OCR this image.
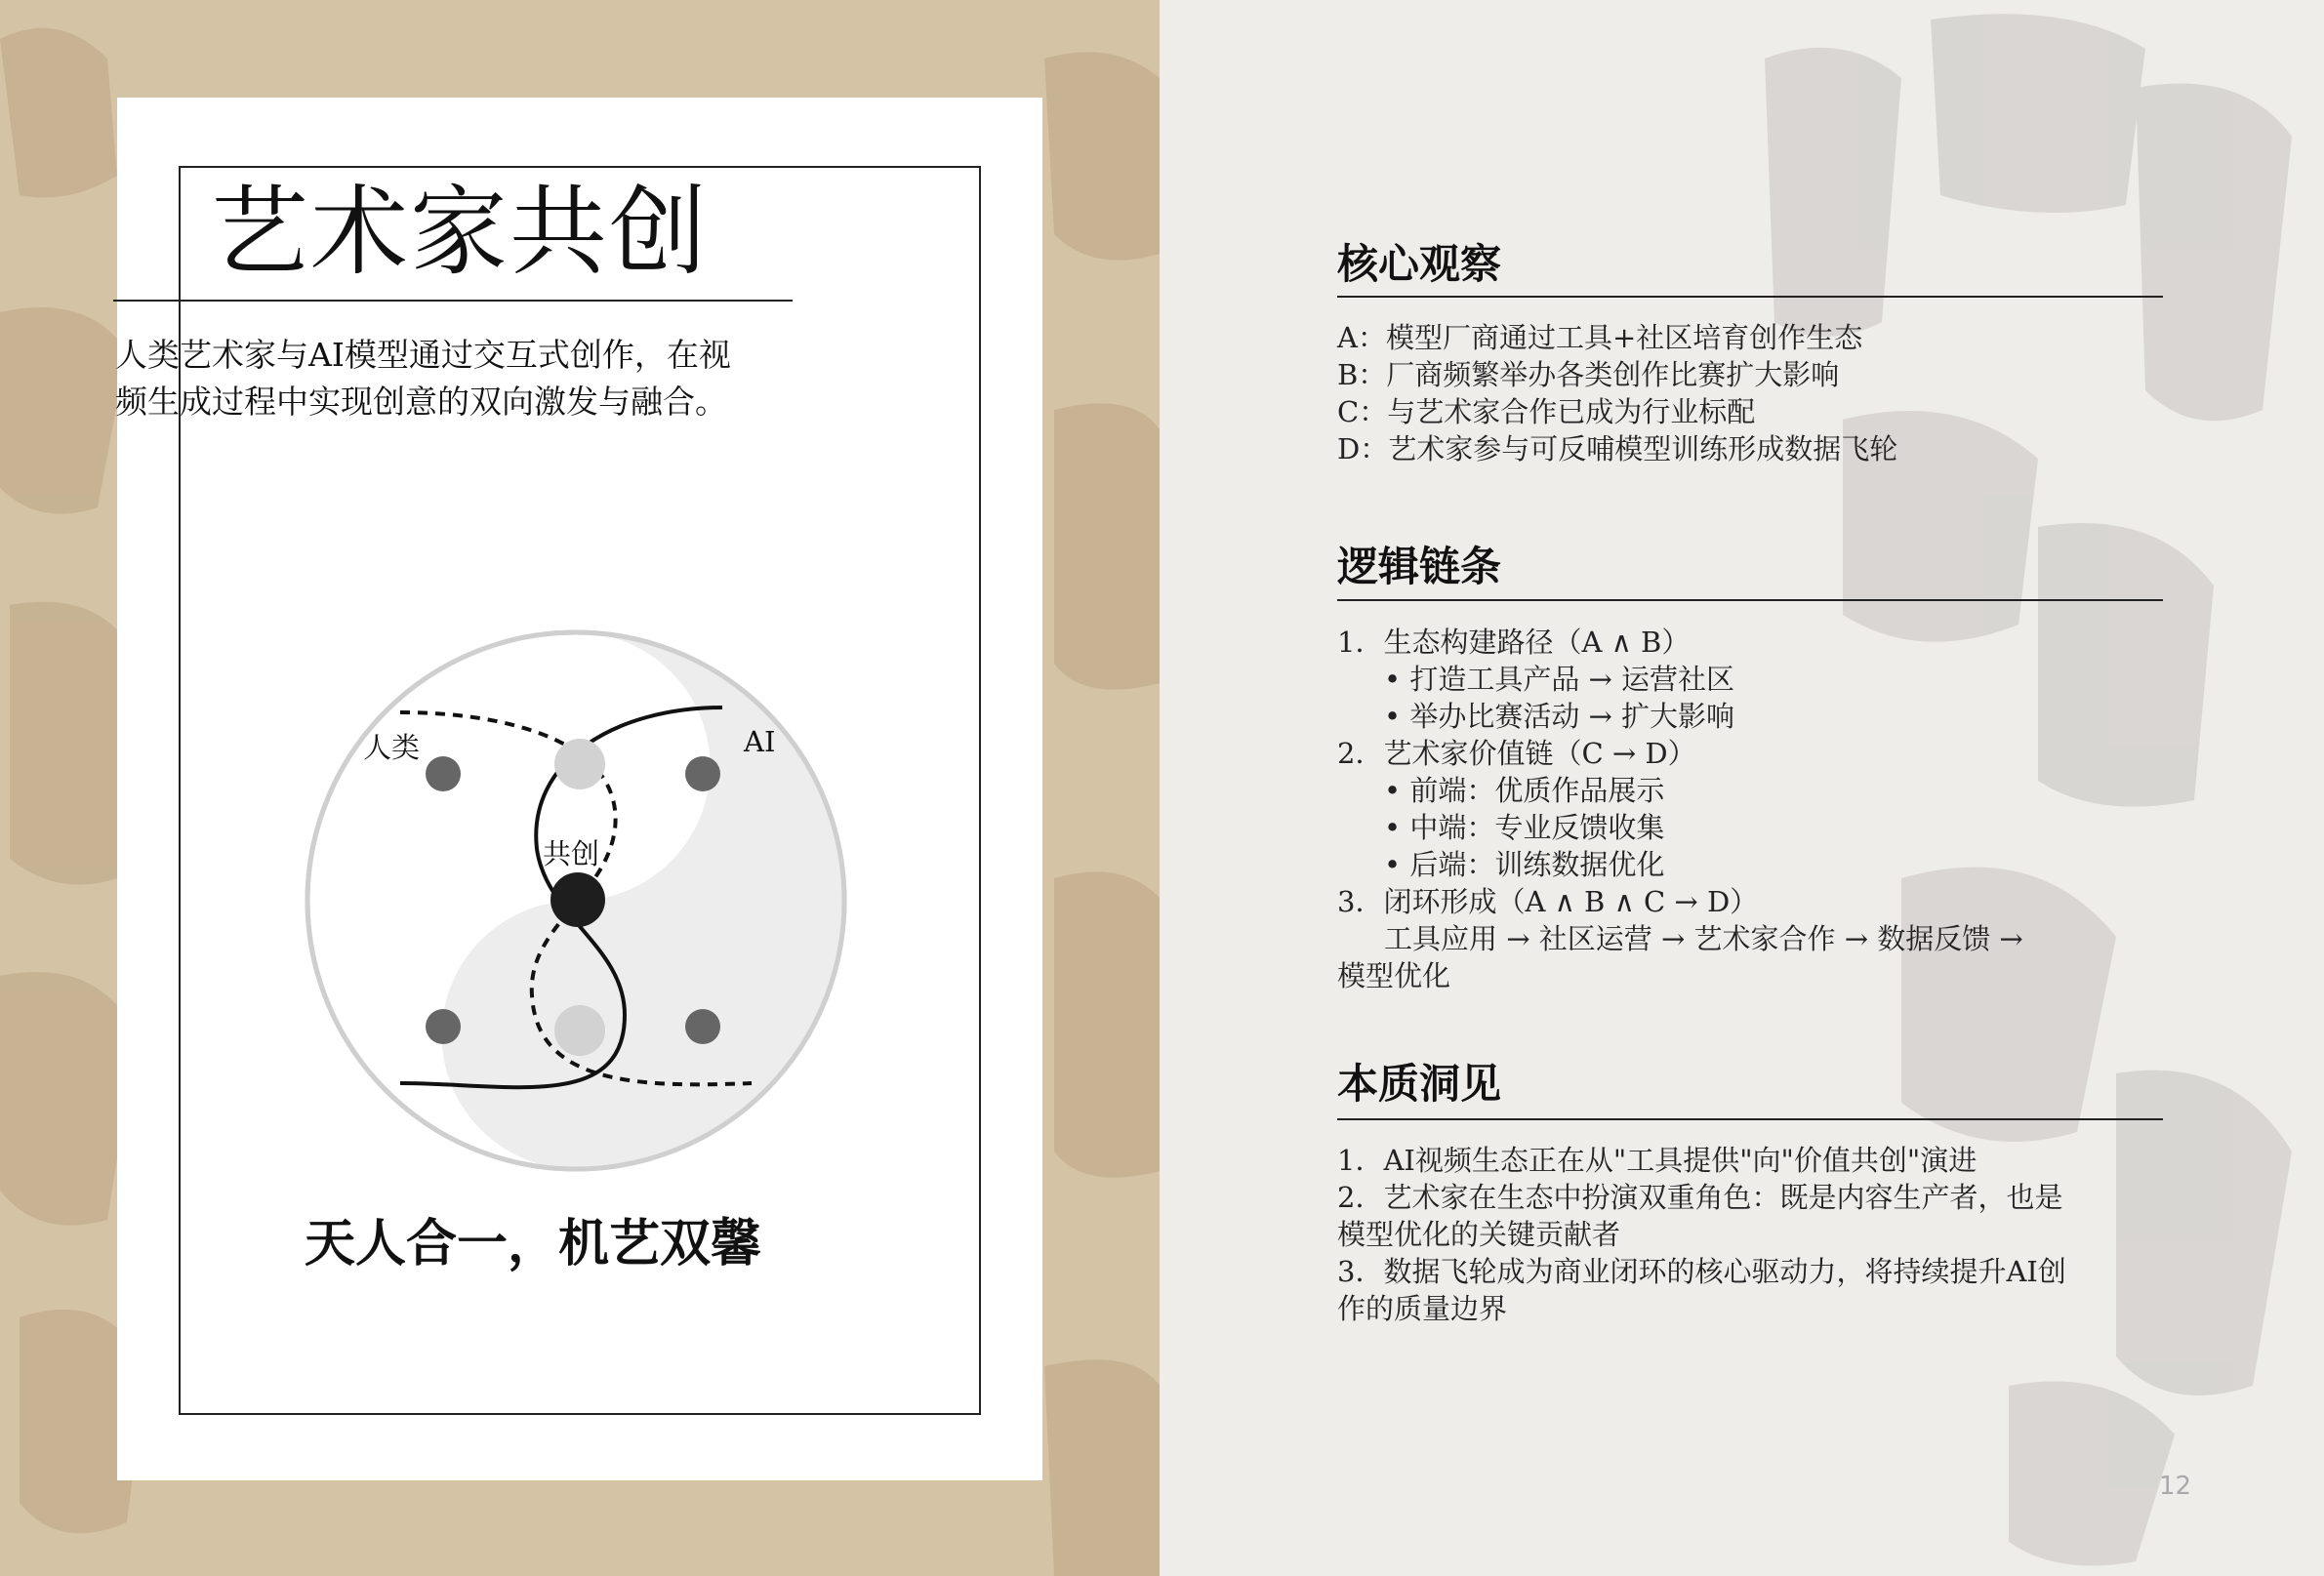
艺术家共创
人类艺术家与AI模型通过交互式创作，在视
频生成过程中实现创意的双向激发与融合。
人类	AI
共创
天人合一，机艺双馨
核心观察
A：模型厂商通过工具+社区培育创作生态
B：厂商频繁举办各类创作比赛扩大影响
C：与艺术家合作已成为行业标配
D：艺术家参与可反哺模型训练形成数据飞轮
逻辑链条
1．生态构建路径（A ∧ B）
• 打造工具产品 → 运营社区
• 举办比赛活动 → 扩大影响
2．艺术家价值链（C → D）
• 前端：优质作品展示
• 中端：专业反馈收集
• 后端：训练数据优化
3．闭环形成（A ∧ B ∧ C → D）
工具应用 → 社区运营 → 艺术家合作 → 数据反馈 →
模型优化
本质洞见
1．AI视频生态正在从"工具提供"向"价值共创"演进
2．艺术家在生态中扮演双重角色：既是内容生产者，也是
模型优化的关键贡献者
3．数据飞轮成为商业闭环的核心驱动力，将持续提升AI创
作的质量边界
12
